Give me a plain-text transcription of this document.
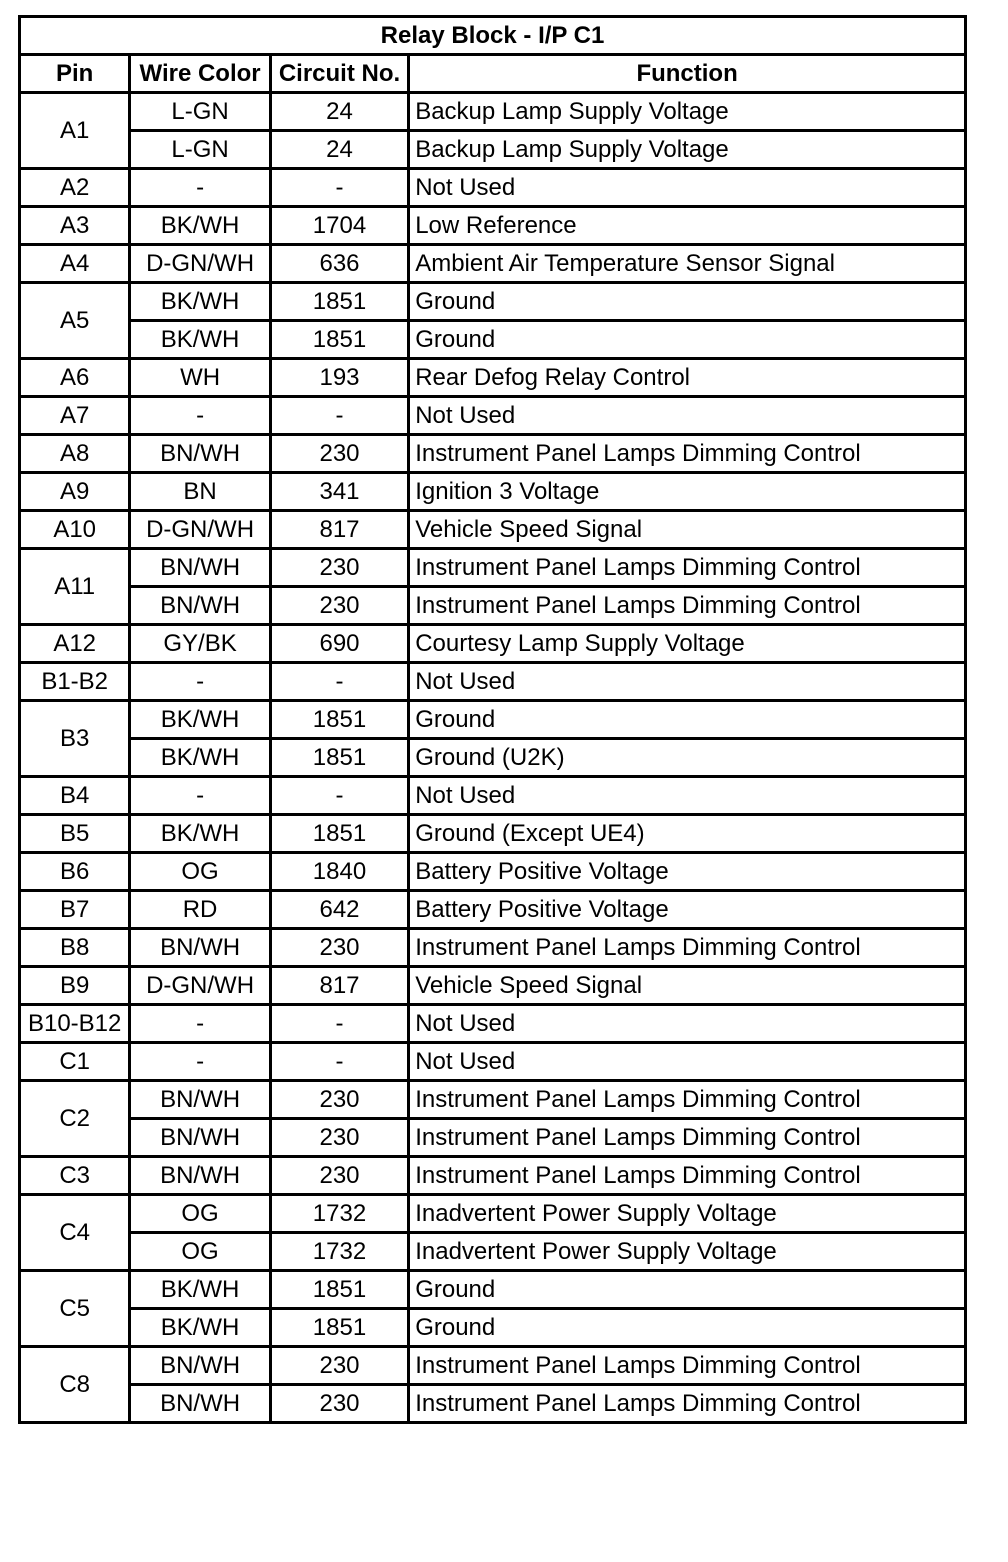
Relay Block - I/P C1			
Pin	Wire Color	Circuit No.	Function
A1	L-GN	24	Backup Lamp Supply Voltage
	L-GN	24	Backup Lamp Supply Voltage
A2	-	-	Not Used
A3	BK/WH	1704	Low Reference
A4	D-GN/WH	636	Ambient Air Temperature Sensor Signal
A5	BK/WH	1851	Ground
	BK/WH	1851	Ground
A6	WH	193	Rear Defog Relay Control
A7	-	-	Not Used
A8	BN/WH	230	Instrument Panel Lamps Dimming Control
A9	BN	341	Ignition 3 Voltage
A10	D-GN/WH	817	Vehicle Speed Signal
A11	BN/WH	230	Instrument Panel Lamps Dimming Control
	BN/WH	230	Instrument Panel Lamps Dimming Control
A12	GY/BK	690	Courtesy Lamp Supply Voltage
B1-B2	-	-	Not Used
B3	BK/WH	1851	Ground
	BK/WH	1851	Ground (U2K)
B4	-	-	Not Used
B5	BK/WH	1851	Ground (Except UE4)
B6	OG	1840	Battery Positive Voltage
B7	RD	642	Battery Positive Voltage
B8	BN/WH	230	Instrument Panel Lamps Dimming Control
B9	D-GN/WH	817	Vehicle Speed Signal
B10-B12	-	-	Not Used
C1	-	-	Not Used
C2	BN/WH	230	Instrument Panel Lamps Dimming Control
	BN/WH	230	Instrument Panel Lamps Dimming Control
C3	BN/WH	230	Instrument Panel Lamps Dimming Control
C4	OG	1732	Inadvertent Power Supply Voltage
	OG	1732	Inadvertent Power Supply Voltage
C5	BK/WH	1851	Ground
	BK/WH	1851	Ground
C8	BN/WH	230	Instrument Panel Lamps Dimming Control
	BN/WH	230	Instrument Panel Lamps Dimming Control
